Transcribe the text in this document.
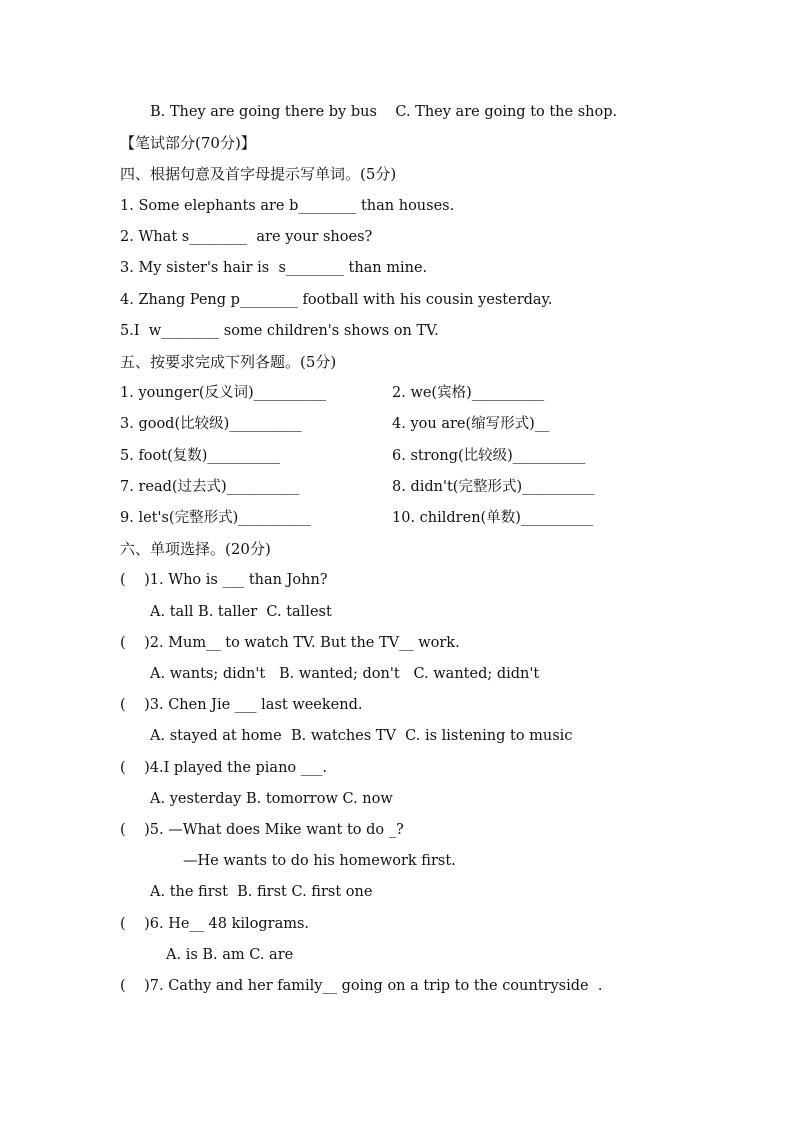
B. They are going there by bus    C. They are going to the shop.
【笔试部分(70分)】
四、根据句意及首字母提示写单词。(5分)
1. Some elephants are b________ than houses.
2. What s________  are your shoes?
3. My sister's hair is  s________ than mine.
4. Zhang Peng p________ football with his cousin yesterday.
5.I  w________ some children's shows on TV.
五、按要求完成下列各题。(5分)
1. younger(反义词)__________	2. we(宾格)__________
3. good(比较级)__________	4. you are(缩写形式)__
5. foot(复数)__________	6. strong(比较级)__________
7. read(过去式)__________	8. didn't(完整形式)__________
9. let's(完整形式)__________	10. children(单数)__________
六、单项选择。(20分)
(    )1. Who is ___ than John?
A. tall B. taller  C. tallest
(    )2. Mum__ to watch TV. But the TV__ work.
A. wants; didn't   B. wanted; don't   C. wanted; didn't
(    )3. Chen Jie ___ last weekend.
A. stayed at home  B. watches TV  C. is listening to music
(    )4.I played the piano ___.
A. yesterday B. tomorrow C. now
(    )5. —What does Mike want to do _?
—He wants to do his homework first.
A. the first  B. first C. first one
(    )6. He__ 48 kilograms.
A. is B. am C. are
(    )7. Cathy and her family__ going on a trip to the countryside  .
